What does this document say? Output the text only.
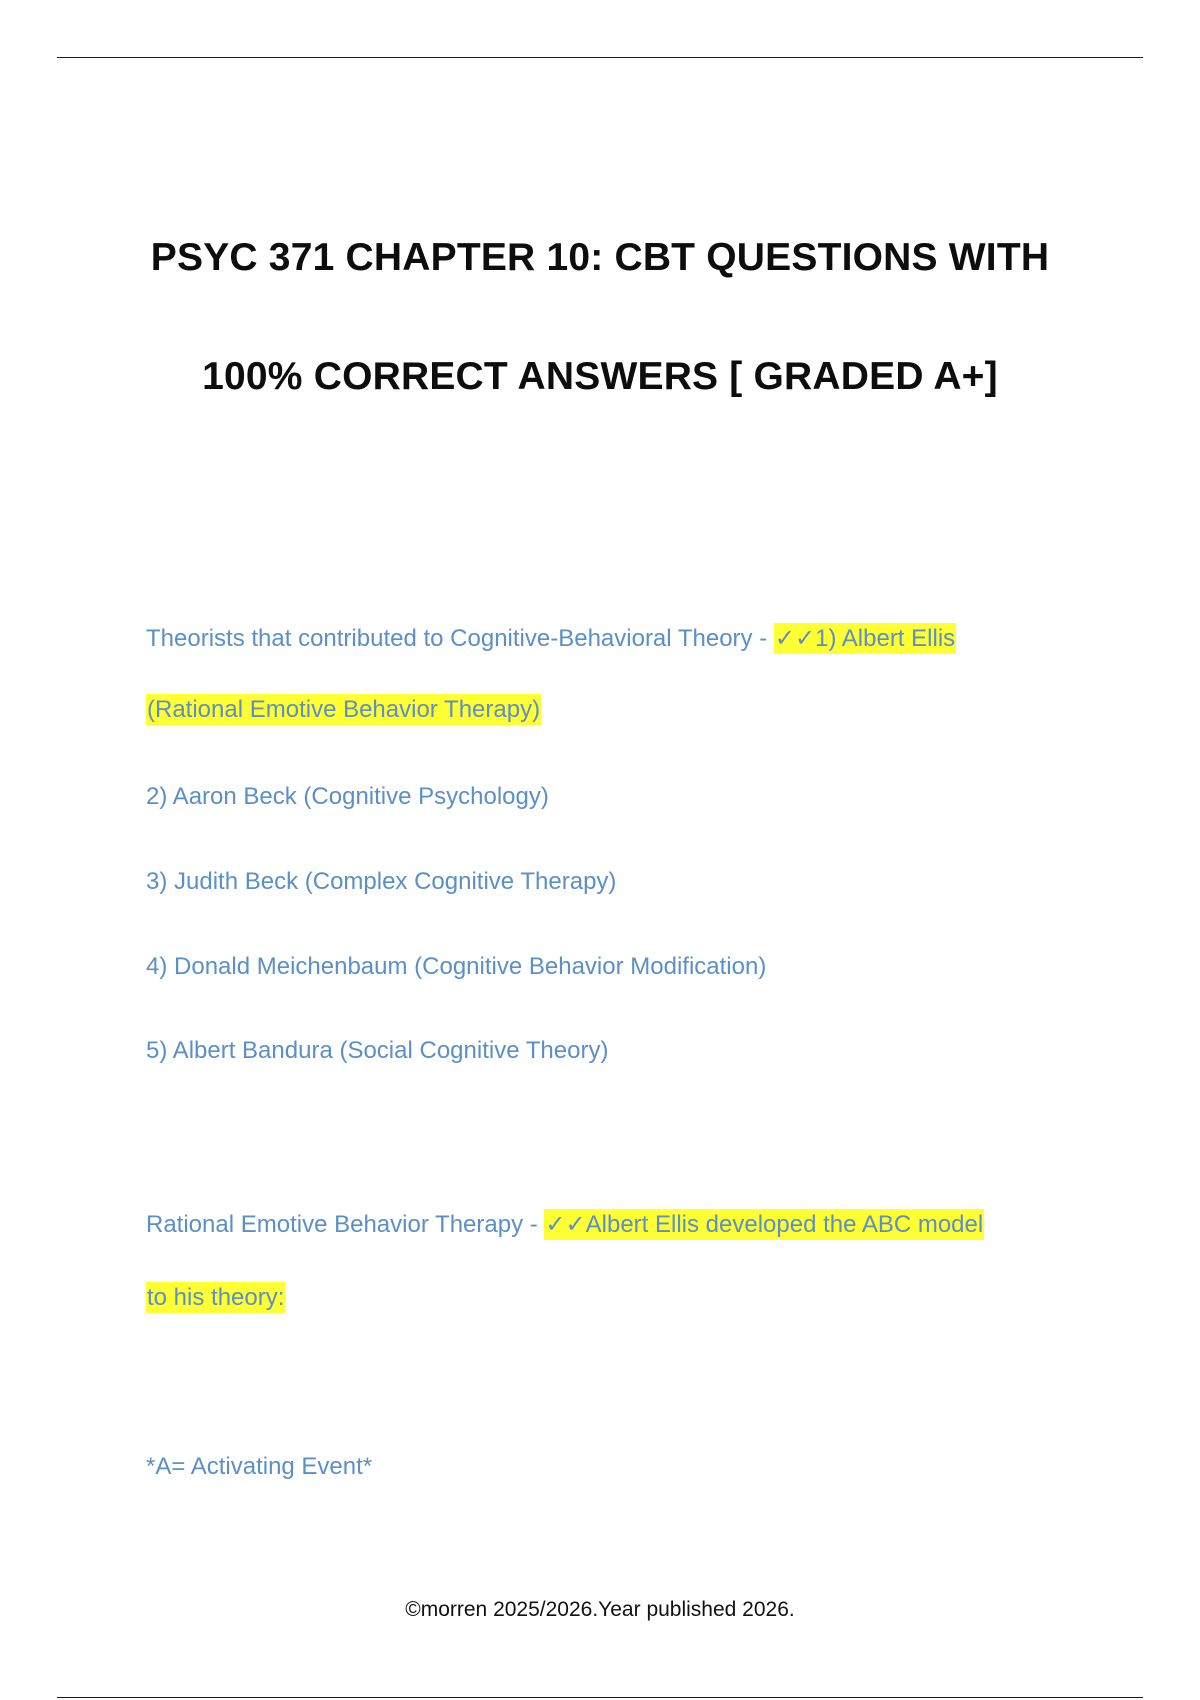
PSYC 371 CHAPTER 10: CBT QUESTIONS WITH
100% CORRECT ANSWERS [ GRADED A+]
Theorists that contributed to Cognitive-Behavioral Theory - ✓✓1) Albert Ellis
(Rational Emotive Behavior Therapy)
2) Aaron Beck (Cognitive Psychology)
3) Judith Beck (Complex Cognitive Therapy)
4) Donald Meichenbaum (Cognitive Behavior Modification)
5) Albert Bandura (Social Cognitive Theory)
Rational Emotive Behavior Therapy - ✓✓Albert Ellis developed the ABC model
to his theory:
*A= Activating Event*
©morren 2025/2026.Year published 2026.
